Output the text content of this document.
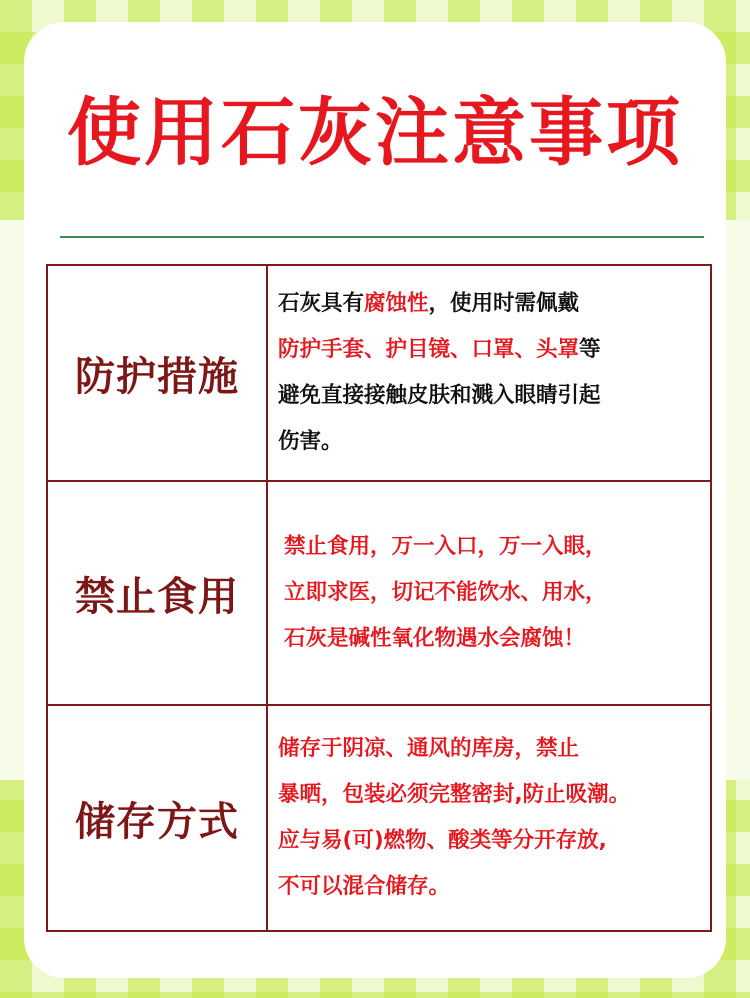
使用石灰注意事项
防护措施
石灰具有腐蚀性，使用时需佩戴
防护手套、护目镜、口罩、头罩等
避免直接接触皮肤和溅入眼睛引起
伤害。
禁止食用
禁止食用，万一入口，万一入眼，
立即求医，切记不能饮水、用水，
石灰是碱性氧化物遇水会腐蚀！
储存方式
储存于阴凉、通风的库房，禁止
暴晒，包装必须完整密封,防止吸潮。
应与易(可)燃物、酸类等分开存放,
不可以混合储存。
